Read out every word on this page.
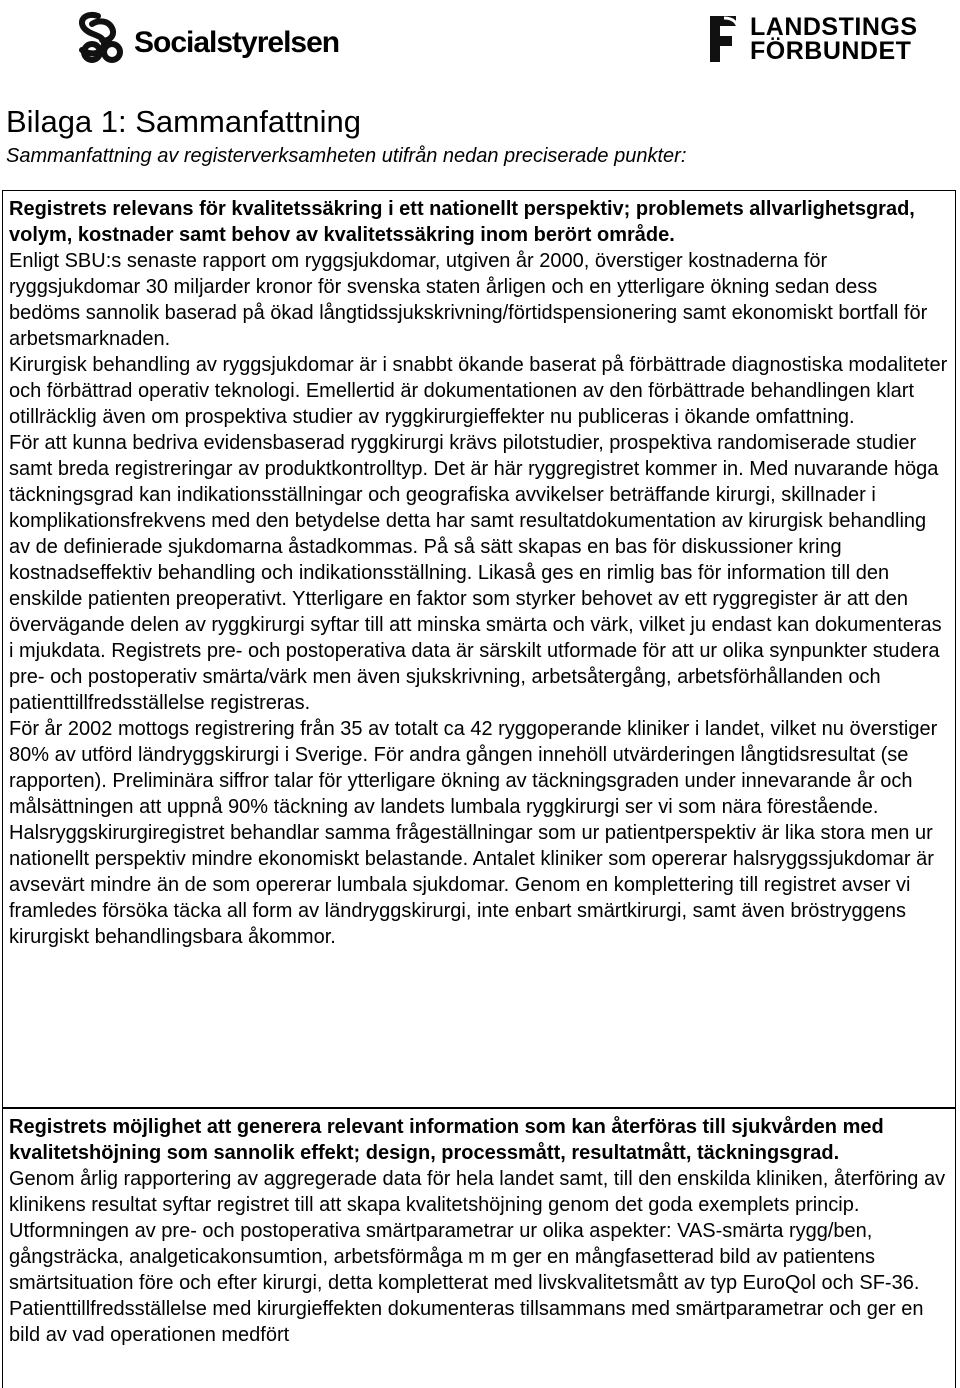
Socialstyrelsen	LANDSTINGS
FÖRBUNDET
Bilaga 1: Sammanfattning

Sammanfattning av registerverksamheten utifrån nedan preciserade punkter:

Registrets relevans för kvalitetssäkring i ett nationellt perspektiv; problemets allvarlighetsgrad, volym, kostnader samt behov av kvalitetssäkring inom berört område.

Enligt SBU:s senaste rapport om ryggsjukdomar, utgiven år 2000, överstiger kostnaderna för ryggsjukdomar 30 miljarder kronor för svenska staten årligen och en ytterligare ökning sedan dess bedöms sannolik baserad på ökad långtidssjukskrivning/förtidspensionering samt ekonomiskt bortfall för arbetsmarknaden.

Kirurgisk behandling av ryggsjukdomar är i snabbt ökande baserat på förbättrade diagnostiska modaliteter och förbättrad operativ teknologi. Emellertid är dokumentationen av den förbättrade behandlingen klart otillräcklig även om prospektiva studier av ryggkirurgieffekter nu publiceras i ökande omfattning.

För att kunna bedriva evidensbaserad ryggkirurgi krävs pilotstudier, prospektiva randomiserade studier samt breda registreringar av produktkontrolltyp. Det är här ryggregistret kommer in. Med nuvarande höga täckningsgrad kan indikationsställningar och geografiska avvikelser beträffande kirurgi, skillnader i komplikationsfrekvens med den betydelse detta har samt resultatdokumentation av kirurgisk behandling av de definierade sjukdomarna åstadkommas. På så sätt skapas en bas för diskussioner kring kostnadseffektiv behandling och indikationsställning. Likaså ges en rimlig bas för information till den enskilde patienten preoperativt. Ytterligare en faktor som styrker behovet av ett ryggregister är att den övervägande delen av ryggkirurgi syftar till att minska smärta och värk, vilket ju endast kan dokumenteras i mjukdata. Registrets pre- och postoperativa data är särskilt utformade för att ur olika synpunkter studera pre- och postoperativ smärta/värk men även sjukskrivning, arbetsåtergång, arbetsförhållanden och patienttillfredsställelse registreras.

För år 2002 mottogs registrering från 35 av totalt ca 42 ryggoperande kliniker i landet, vilket nu överstiger 80% av utförd ländryggskirurgi i Sverige. För andra gången innehöll utvärderingen långtidsresultat (se rapporten). Preliminära siffror talar för ytterligare ökning av täckningsgraden under innevarande år och målsättningen att uppnå 90% täckning av landets lumbala ryggkirurgi ser vi som nära förestående.

Halsryggskirurgiregistret behandlar samma frågeställningar som ur patientperspektiv är lika stora men ur nationellt perspektiv mindre ekonomiskt belastande. Antalet kliniker som opererar halsryggssjukdomar är avsevärt mindre än de som opererar lumbala sjukdomar. Genom en komplettering till registret avser vi framledes försöka täcka all form av ländryggskirurgi, inte enbart smärtkirurgi, samt även bröstryggens kirurgiskt behandlingsbara åkommor.

Registrets möjlighet att generera relevant information som kan återföras till sjukvården med kvalitetshöjning som sannolik effekt; design, processmått, resultatmått, täckningsgrad.

Genom årlig rapportering av aggregerade data för hela landet samt, till den enskilda kliniken, återföring av klinikens resultat syftar registret till att skapa kvalitetshöjning genom det goda exemplets princip. Utformningen av pre- och postoperativa smärtparametrar ur olika aspekter: VAS-smärta rygg/ben, gångsträcka, analgeticakonsumtion, arbetsförmåga m m ger en mångfasetterad bild av patientens smärtsituation före och efter kirurgi, detta kompletterat med livskvalitetsmått av typ EuroQol och SF-36. Patienttillfredsställelse med kirurgieffekten dokumenteras tillsammans med smärtparametrar och ger en bild av vad operationen medfört
